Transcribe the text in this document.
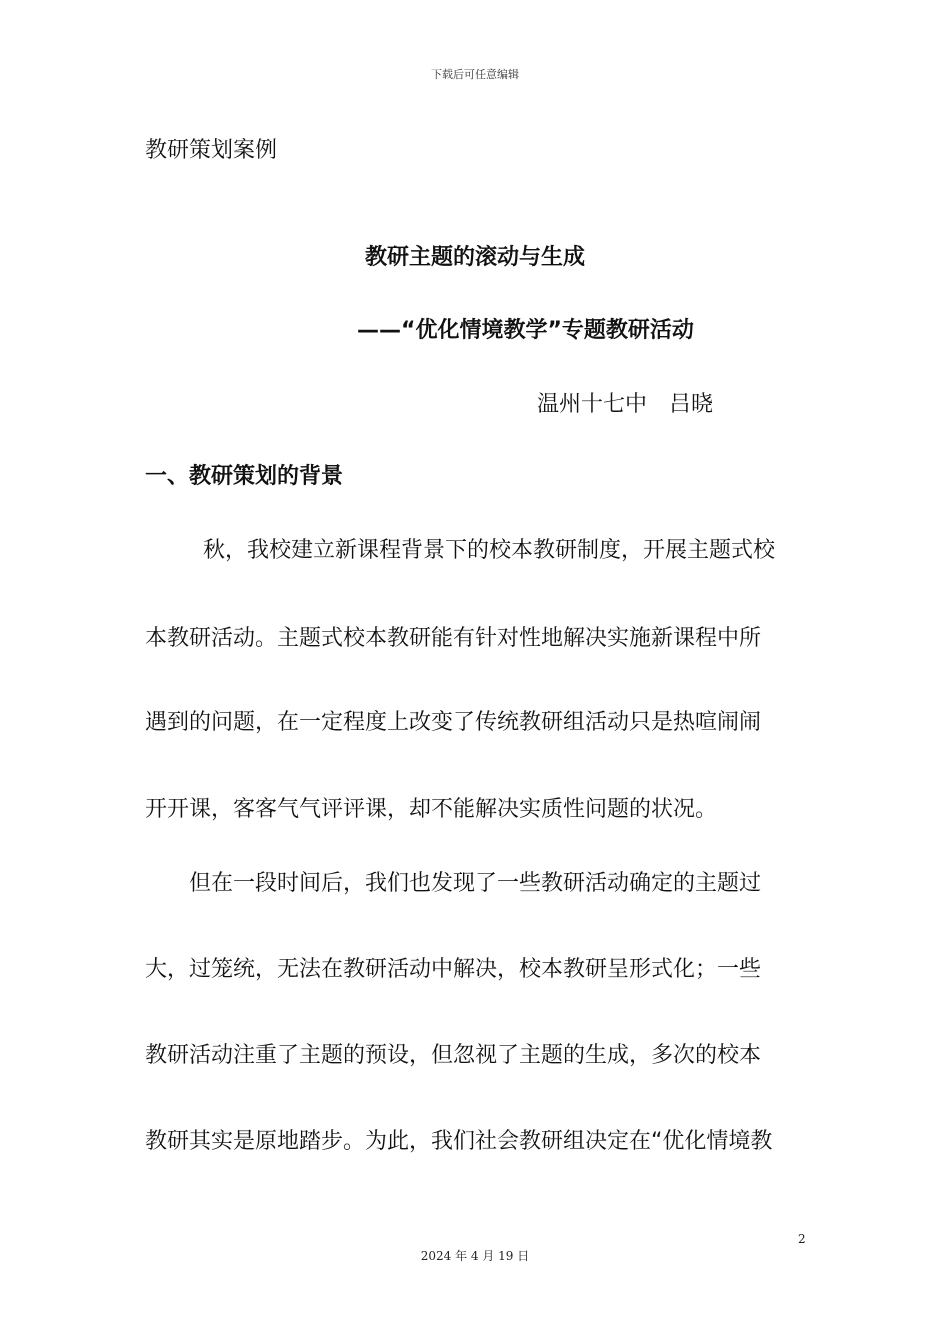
下载后可任意编辑
教研策划案例
教研主题的滚动与生成
——“优化情境教学”专题教研活动
温州十七中 吕晓
一、教研策划的背景
秋，我校建立新课程背景下的校本教研制度，开展主题式校
本教研活动。主题式校本教研能有针对性地解决实施新课程中所
遇到的问题，在一定程度上改变了传统教研组活动只是热喧闹闹
开开课，客客气气评评课，却不能解决实质性问题的状况。
但在一段时间后，我们也发现了一些教研活动确定的主题过
大，过笼统，无法在教研活动中解决，校本教研呈形式化；一些
教研活动注重了主题的预设，但忽视了主题的生成，多次的校本
教研其实是原地踏步。为此，我们社会教研组决定在“优化情境教
2
2024 年 4 月 19 日
